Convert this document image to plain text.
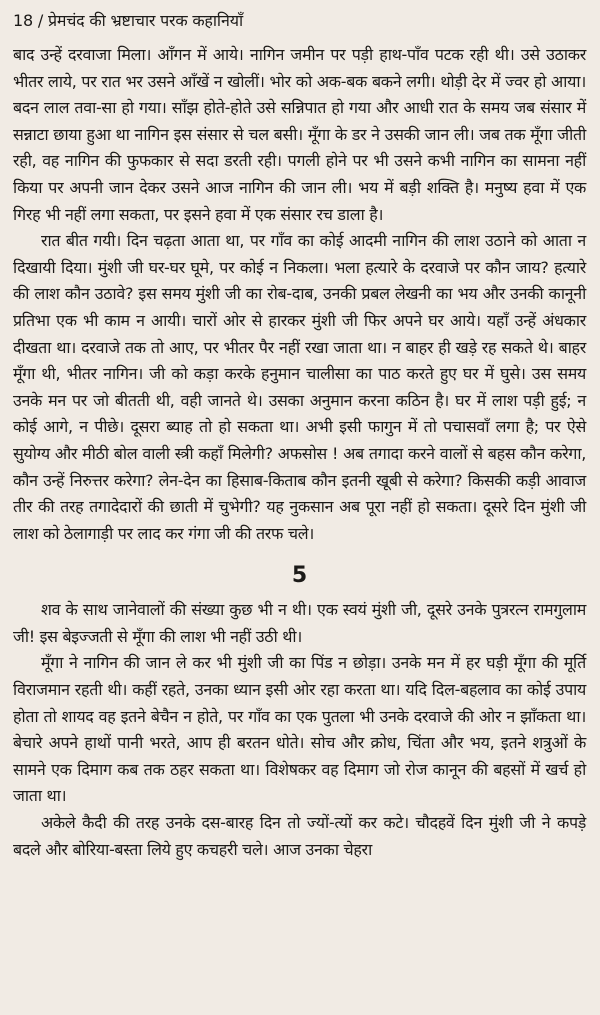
18 / प्रेमचंद की भ्रष्टाचार परक कहानियाँ

बाद उन्हें दरवाजा मिला। आँगन में आये। नागिन जमीन पर पड़ी हाथ-पाँव पटक रही थी। उसे उठाकर भीतर लाये, पर रात भर उसने आँखें न खोलीं। भोर को अक-बक बकने लगी। थोड़ी देर में ज्वर हो आया। बदन लाल तवा-सा हो गया। साँझ होते-होते उसे सन्निपात हो गया और आधी रात के समय जब संसार में सन्नाटा छाया हुआ था नागिन इस संसार से चल बसी। मूँगा के डर ने उसकी जान ली। जब तक मूँगा जीती रही, वह नागिन की फुफकार से सदा डरती रही। पगली होने पर भी उसने कभी नागिन का सामना नहीं किया पर अपनी जान देकर उसने आज नागिन की जान ली। भय में बड़ी शक्ति है। मनुष्य हवा में एक गिरह भी नहीं लगा सकता, पर इसने हवा में एक संसार रच डाला है।

रात बीत गयी। दिन चढ़ता आता था, पर गाँव का कोई आदमी नागिन की लाश उठाने को आता न दिखायी दिया। मुंशी जी घर-घर घूमे, पर कोई न निकला। भला हत्यारे के दरवाजे पर कौन जाय? हत्यारे की लाश कौन उठावे? इस समय मुंशी जी का रोब-दाब, उनकी प्रबल लेखनी का भय और उनकी कानूनी प्रतिभा एक भी काम न आयी। चारों ओर से हारकर मुंशी जी फिर अपने घर आये। यहाँ उन्हें अंधकार दीखता था। दरवाजे तक तो आए, पर भीतर पैर नहीं रखा जाता था। न बाहर ही खड़े रह सकते थे। बाहर मूँगा थी, भीतर नागिन। जी को कड़ा करके हनुमान चालीसा का पाठ करते हुए घर में घुसे। उस समय उनके मन पर जो बीतती थी, वही जानते थे। उसका अनुमान करना कठिन है। घर में लाश पड़ी हुई; न कोई आगे, न पीछे। दूसरा ब्याह तो हो सकता था। अभी इसी फागुन में तो पचासवाँ लगा है; पर ऐसे सुयोग्य और मीठी बोल वाली स्त्री कहाँ मिलेगी? अफसोस ! अब तगादा करने वालों से बहस कौन करेगा, कौन उन्हें निरुत्तर करेगा? लेन-देन का हिसाब-किताब कौन इतनी खूबी से करेगा? किसकी कड़ी आवाज तीर की तरह तगादेदारों की छाती में चुभेगी? यह नुकसान अब पूरा नहीं हो सकता। दूसरे दिन मुंशी जी लाश को ठेलागाड़ी पर लाद कर गंगा जी की तरफ चले।

5

शव के साथ जानेवालों की संख्या कुछ भी न थी। एक स्वयं मुंशी जी, दूसरे उनके पुत्ररत्न रामगुलाम जी! इस बेइज्जती से मूँगा की लाश भी नहीं उठी थी।

मूँगा ने नागिन की जान ले कर भी मुंशी जी का पिंड न छोड़ा। उनके मन में हर घड़ी मूँगा की मूर्ति विराजमान रहती थी। कहीं रहते, उनका ध्यान इसी ओर रहा करता था। यदि दिल-बहलाव का कोई उपाय होता तो शायद वह इतने बेचैन न होते, पर गाँव का एक पुतला भी उनके दरवाजे की ओर न झाँकता था। बेचारे अपने हाथों पानी भरते, आप ही बरतन धोते। सोच और क्रोध, चिंता और भय, इतने शत्रुओं के सामने एक दिमाग कब तक ठहर सकता था। विशेषकर वह दिमाग जो रोज कानून की बहसों में खर्च हो जाता था।

अकेले कैदी की तरह उनके दस-बारह दिन तो ज्यों-त्यों कर कटे। चौदहवें दिन मुंशी जी ने कपड़े बदले और बोरिया-बस्ता लिये हुए कचहरी चले। आज उनका चेहरा
